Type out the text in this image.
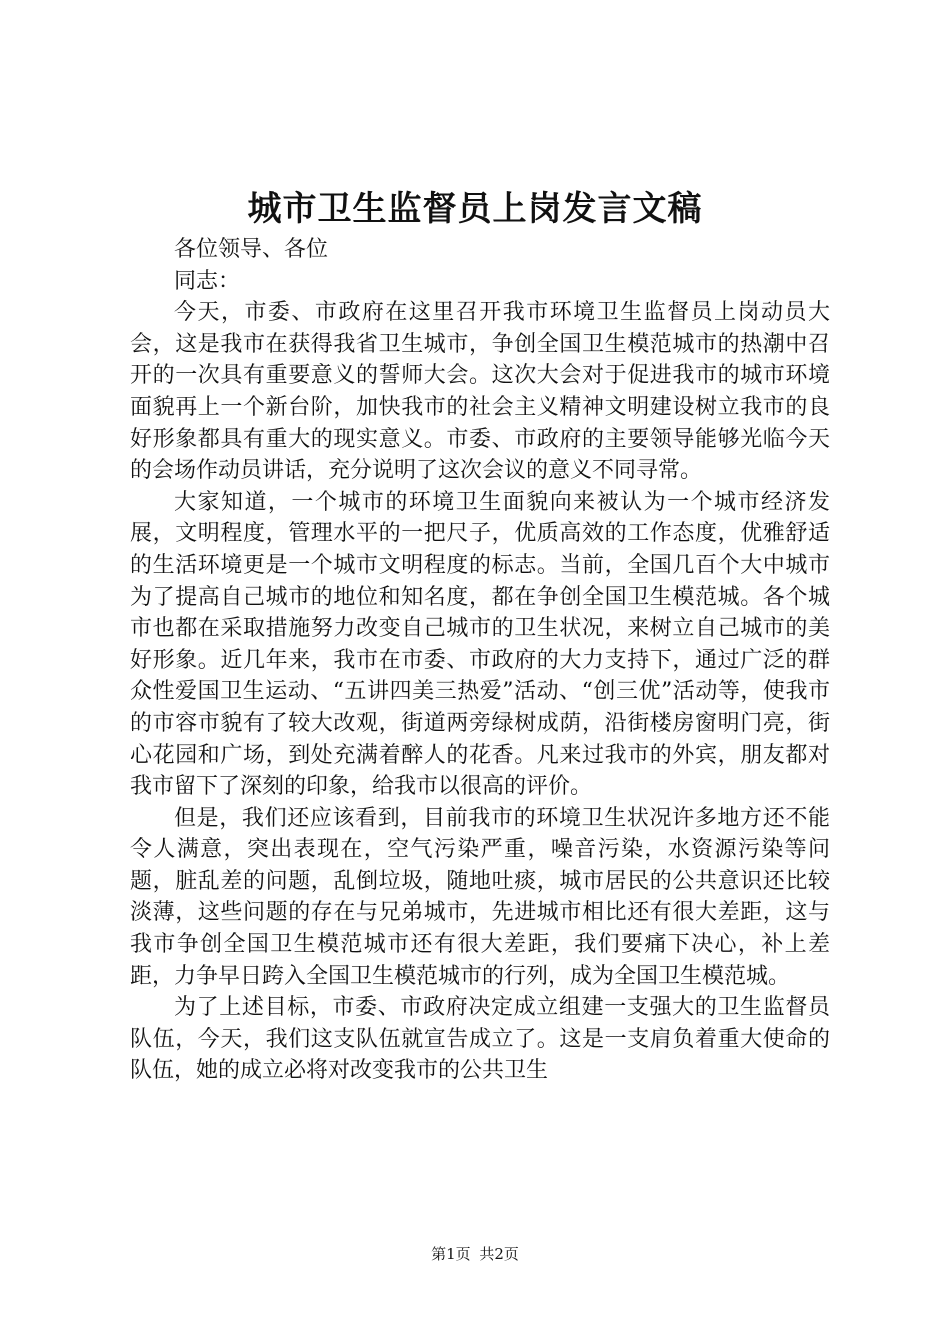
城市卫生监督员上岗发言文稿

各位领导、各位

同志：

今天，市委、市政府在这里召开我市环境卫生监督员上岗动员大会，这是我市在获得我省卫生城市，争创全国卫生模范城市的热潮中召开的一次具有重要意义的誓师大会。这次大会对于促进我市的城市环境面貌再上一个新台阶，加快我市的社会主义精神文明建设树立我市的良好形象都具有重大的现实意义。市委、市政府的主要领导能够光临今天的会场作动员讲话，充分说明了这次会议的意义不同寻常。

大家知道，一个城市的环境卫生面貌向来被认为一个城市经济发展，文明程度，管理水平的一把尺子，优质高效的工作态度，优雅舒适的生活环境更是一个城市文明程度的标志。当前，全国几百个大中城市为了提高自己城市的地位和知名度，都在争创全国卫生模范城。各个城市也都在采取措施努力改变自己城市的卫生状况，来树立自己城市的美好形象。近几年来，我市在市委、市政府的大力支持下，通过广泛的群众性爱国卫生运动、“五讲四美三热爱”活动、“创三优”活动等，使我市的市容市貌有了较大改观，街道两旁绿树成荫，沿街楼房窗明门亮，街心花园和广场，到处充满着醉人的花香。凡来过我市的外宾，朋友都对我市留下了深刻的印象，给我市以很高的评价。

但是，我们还应该看到，目前我市的环境卫生状况许多地方还不能令人满意，突出表现在，空气污染严重，噪音污染，水资源污染等问题，脏乱差的问题，乱倒垃圾，随地吐痰，城市居民的公共意识还比较淡薄，这些问题的存在与兄弟城市，先进城市相比还有很大差距，这与我市争创全国卫生模范城市还有很大差距，我们要痛下决心，补上差距，力争早日跨入全国卫生模范城市的行列，成为全国卫生模范城。

为了上述目标，市委、市政府决定成立组建一支强大的卫生监督员队伍，今天，我们这支队伍就宣告成立了。这是一支肩负着重大使命的队伍，她的成立必将对改变我市的公共卫生

第1页 共2页
